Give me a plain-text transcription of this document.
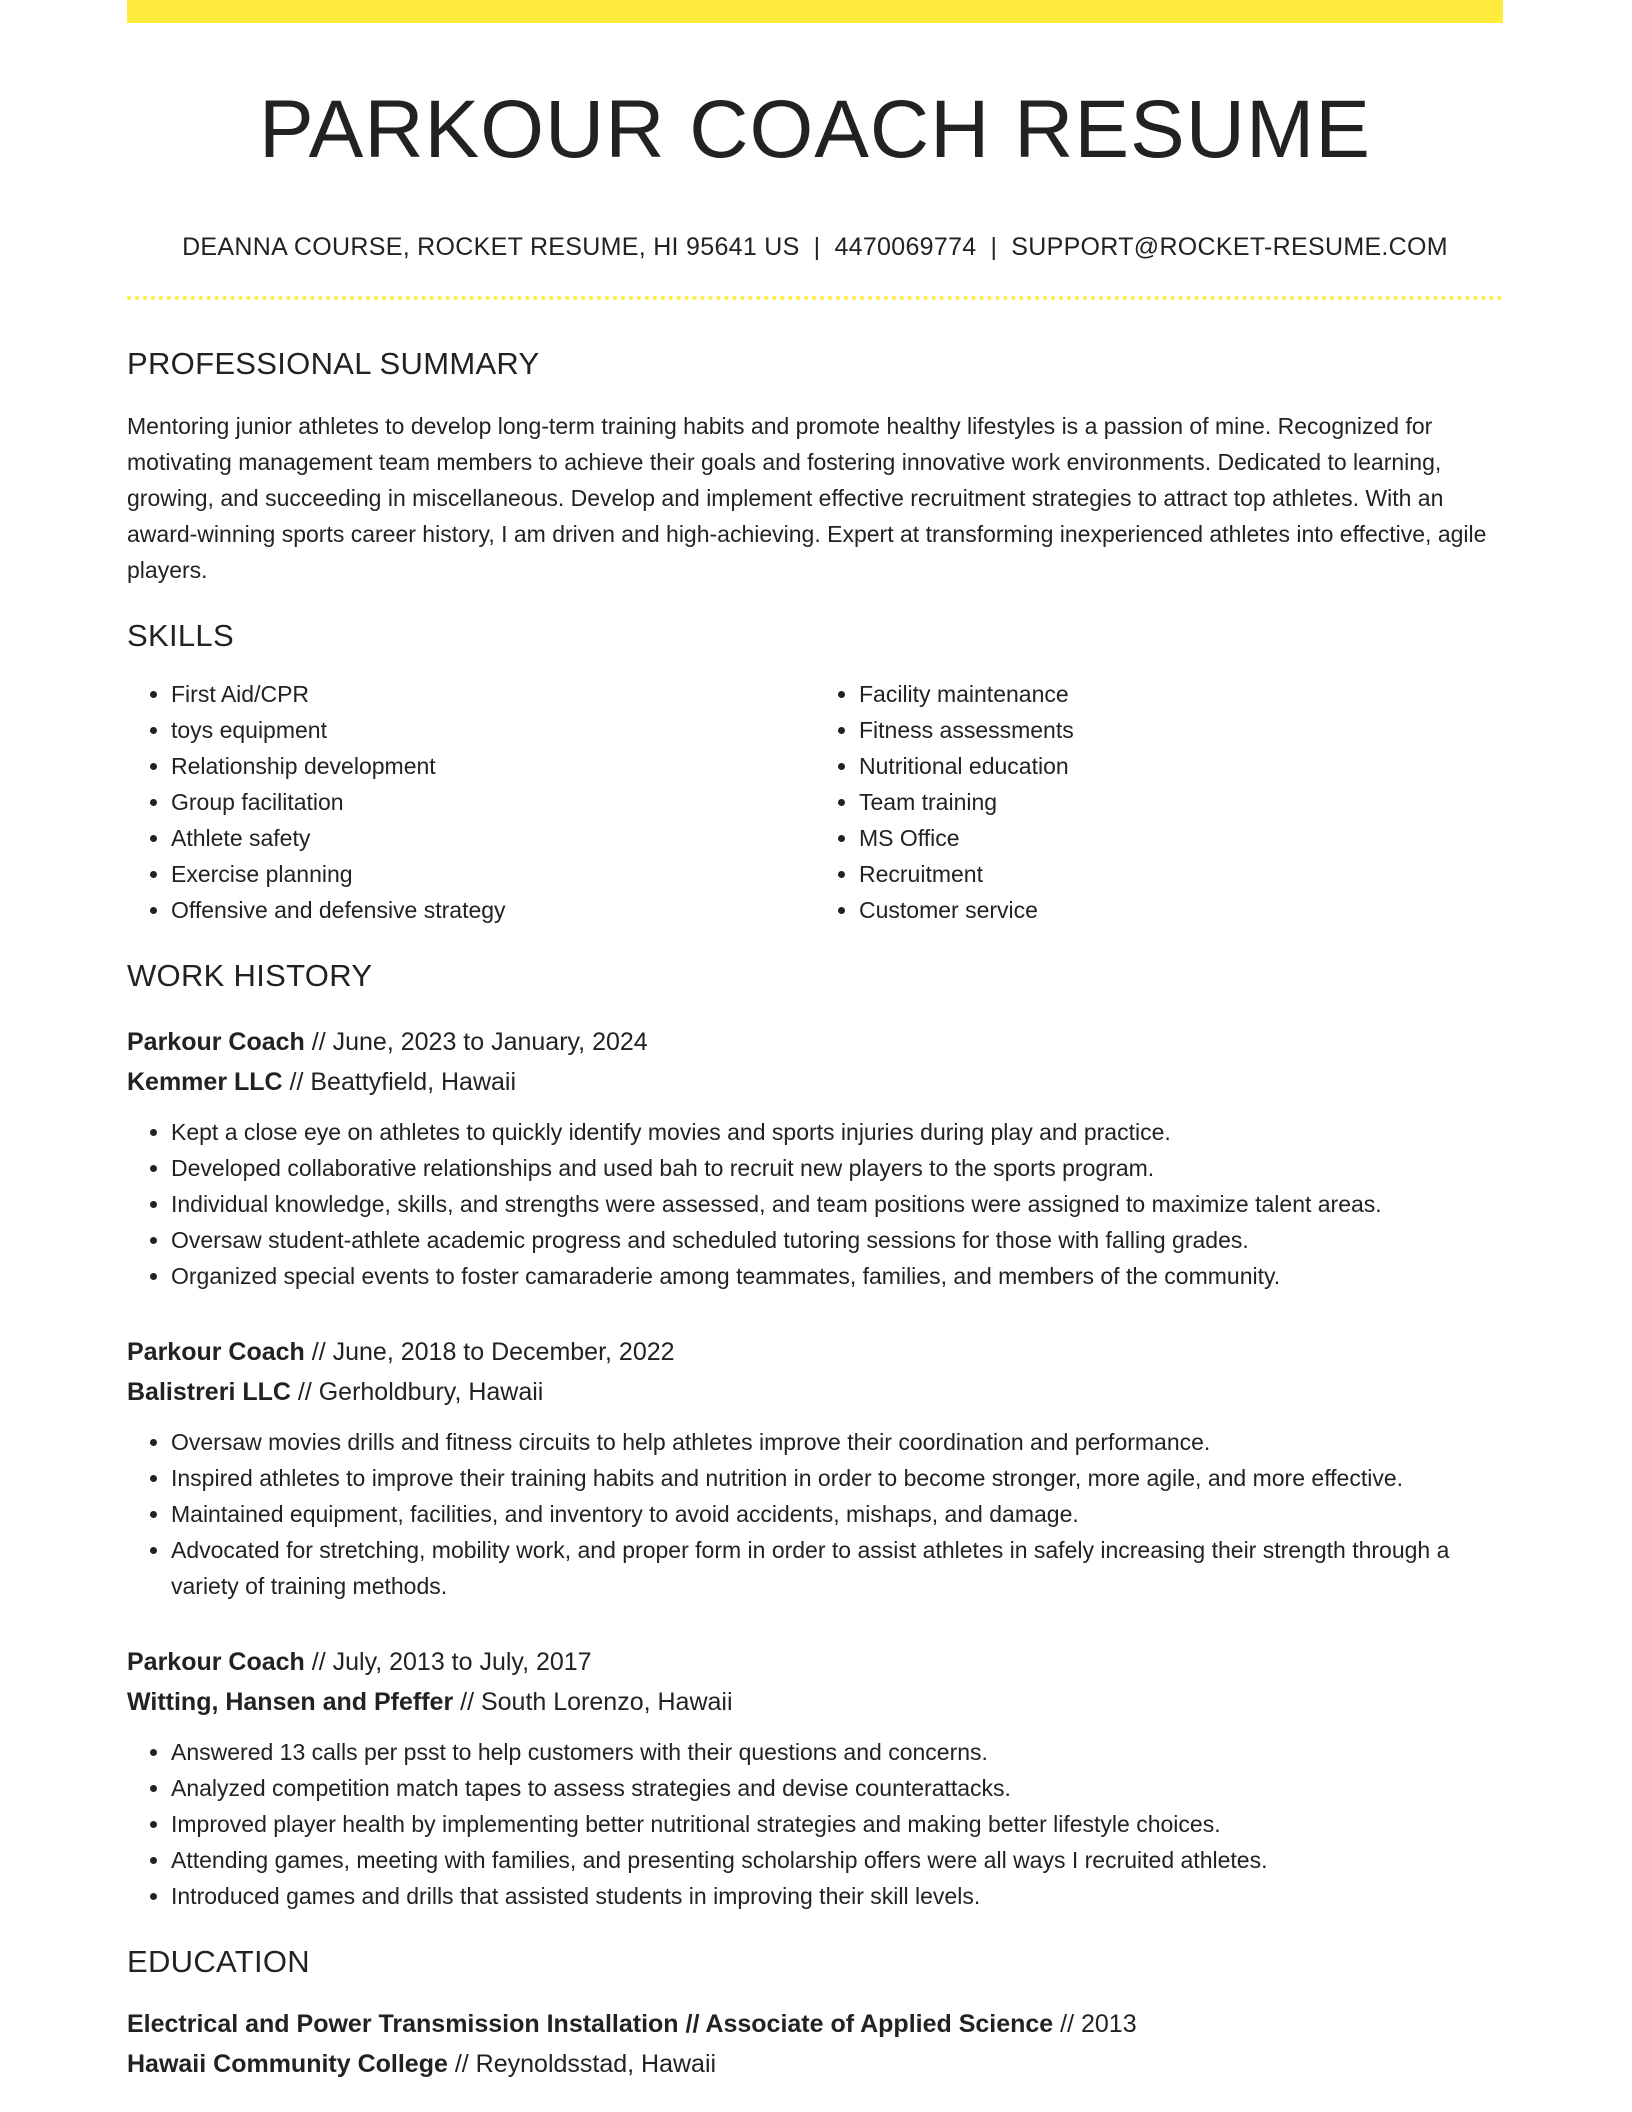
PARKOUR COACH RESUME
DEANNA COURSE, ROCKET RESUME, HI 95641 US | 4470069774 | SUPPORT@ROCKET-RESUME.COM
PROFESSIONAL SUMMARY
Mentoring junior athletes to develop long-term training habits and promote healthy lifestyles is a passion of mine. Recognized for motivating management team members to achieve their goals and fostering innovative work environments. Dedicated to learning, growing, and succeeding in miscellaneous. Develop and implement effective recruitment strategies to attract top athletes. With an award-winning sports career history, I am driven and high-achieving. Expert at transforming inexperienced athletes into effective, agile players.
SKILLS
• First Aid/CPR
• toys equipment
• Relationship development
• Group facilitation
• Athlete safety
• Exercise planning
• Offensive and defensive strategy
• Facility maintenance
• Fitness assessments
• Nutritional education
• Team training
• MS Office
• Recruitment
• Customer service
WORK HISTORY
Parkour Coach // June, 2023 to January, 2024
Kemmer LLC // Beattyfield, Hawaii
• Kept a close eye on athletes to quickly identify movies and sports injuries during play and practice.
• Developed collaborative relationships and used bah to recruit new players to the sports program.
• Individual knowledge, skills, and strengths were assessed, and team positions were assigned to maximize talent areas.
• Oversaw student-athlete academic progress and scheduled tutoring sessions for those with falling grades.
• Organized special events to foster camaraderie among teammates, families, and members of the community.
Parkour Coach // June, 2018 to December, 2022
Balistreri LLC // Gerholdbury, Hawaii
• Oversaw movies drills and fitness circuits to help athletes improve their coordination and performance.
• Inspired athletes to improve their training habits and nutrition in order to become stronger, more agile, and more effective.
• Maintained equipment, facilities, and inventory to avoid accidents, mishaps, and damage.
• Advocated for stretching, mobility work, and proper form in order to assist athletes in safely increasing their strength through a variety of training methods.
Parkour Coach // July, 2013 to July, 2017
Witting, Hansen and Pfeffer // South Lorenzo, Hawaii
• Answered 13 calls per psst to help customers with their questions and concerns.
• Analyzed competition match tapes to assess strategies and devise counterattacks.
• Improved player health by implementing better nutritional strategies and making better lifestyle choices.
• Attending games, meeting with families, and presenting scholarship offers were all ways I recruited athletes.
• Introduced games and drills that assisted students in improving their skill levels.
EDUCATION
Electrical and Power Transmission Installation // Associate of Applied Science // 2013
Hawaii Community College // Reynoldsstad, Hawaii
